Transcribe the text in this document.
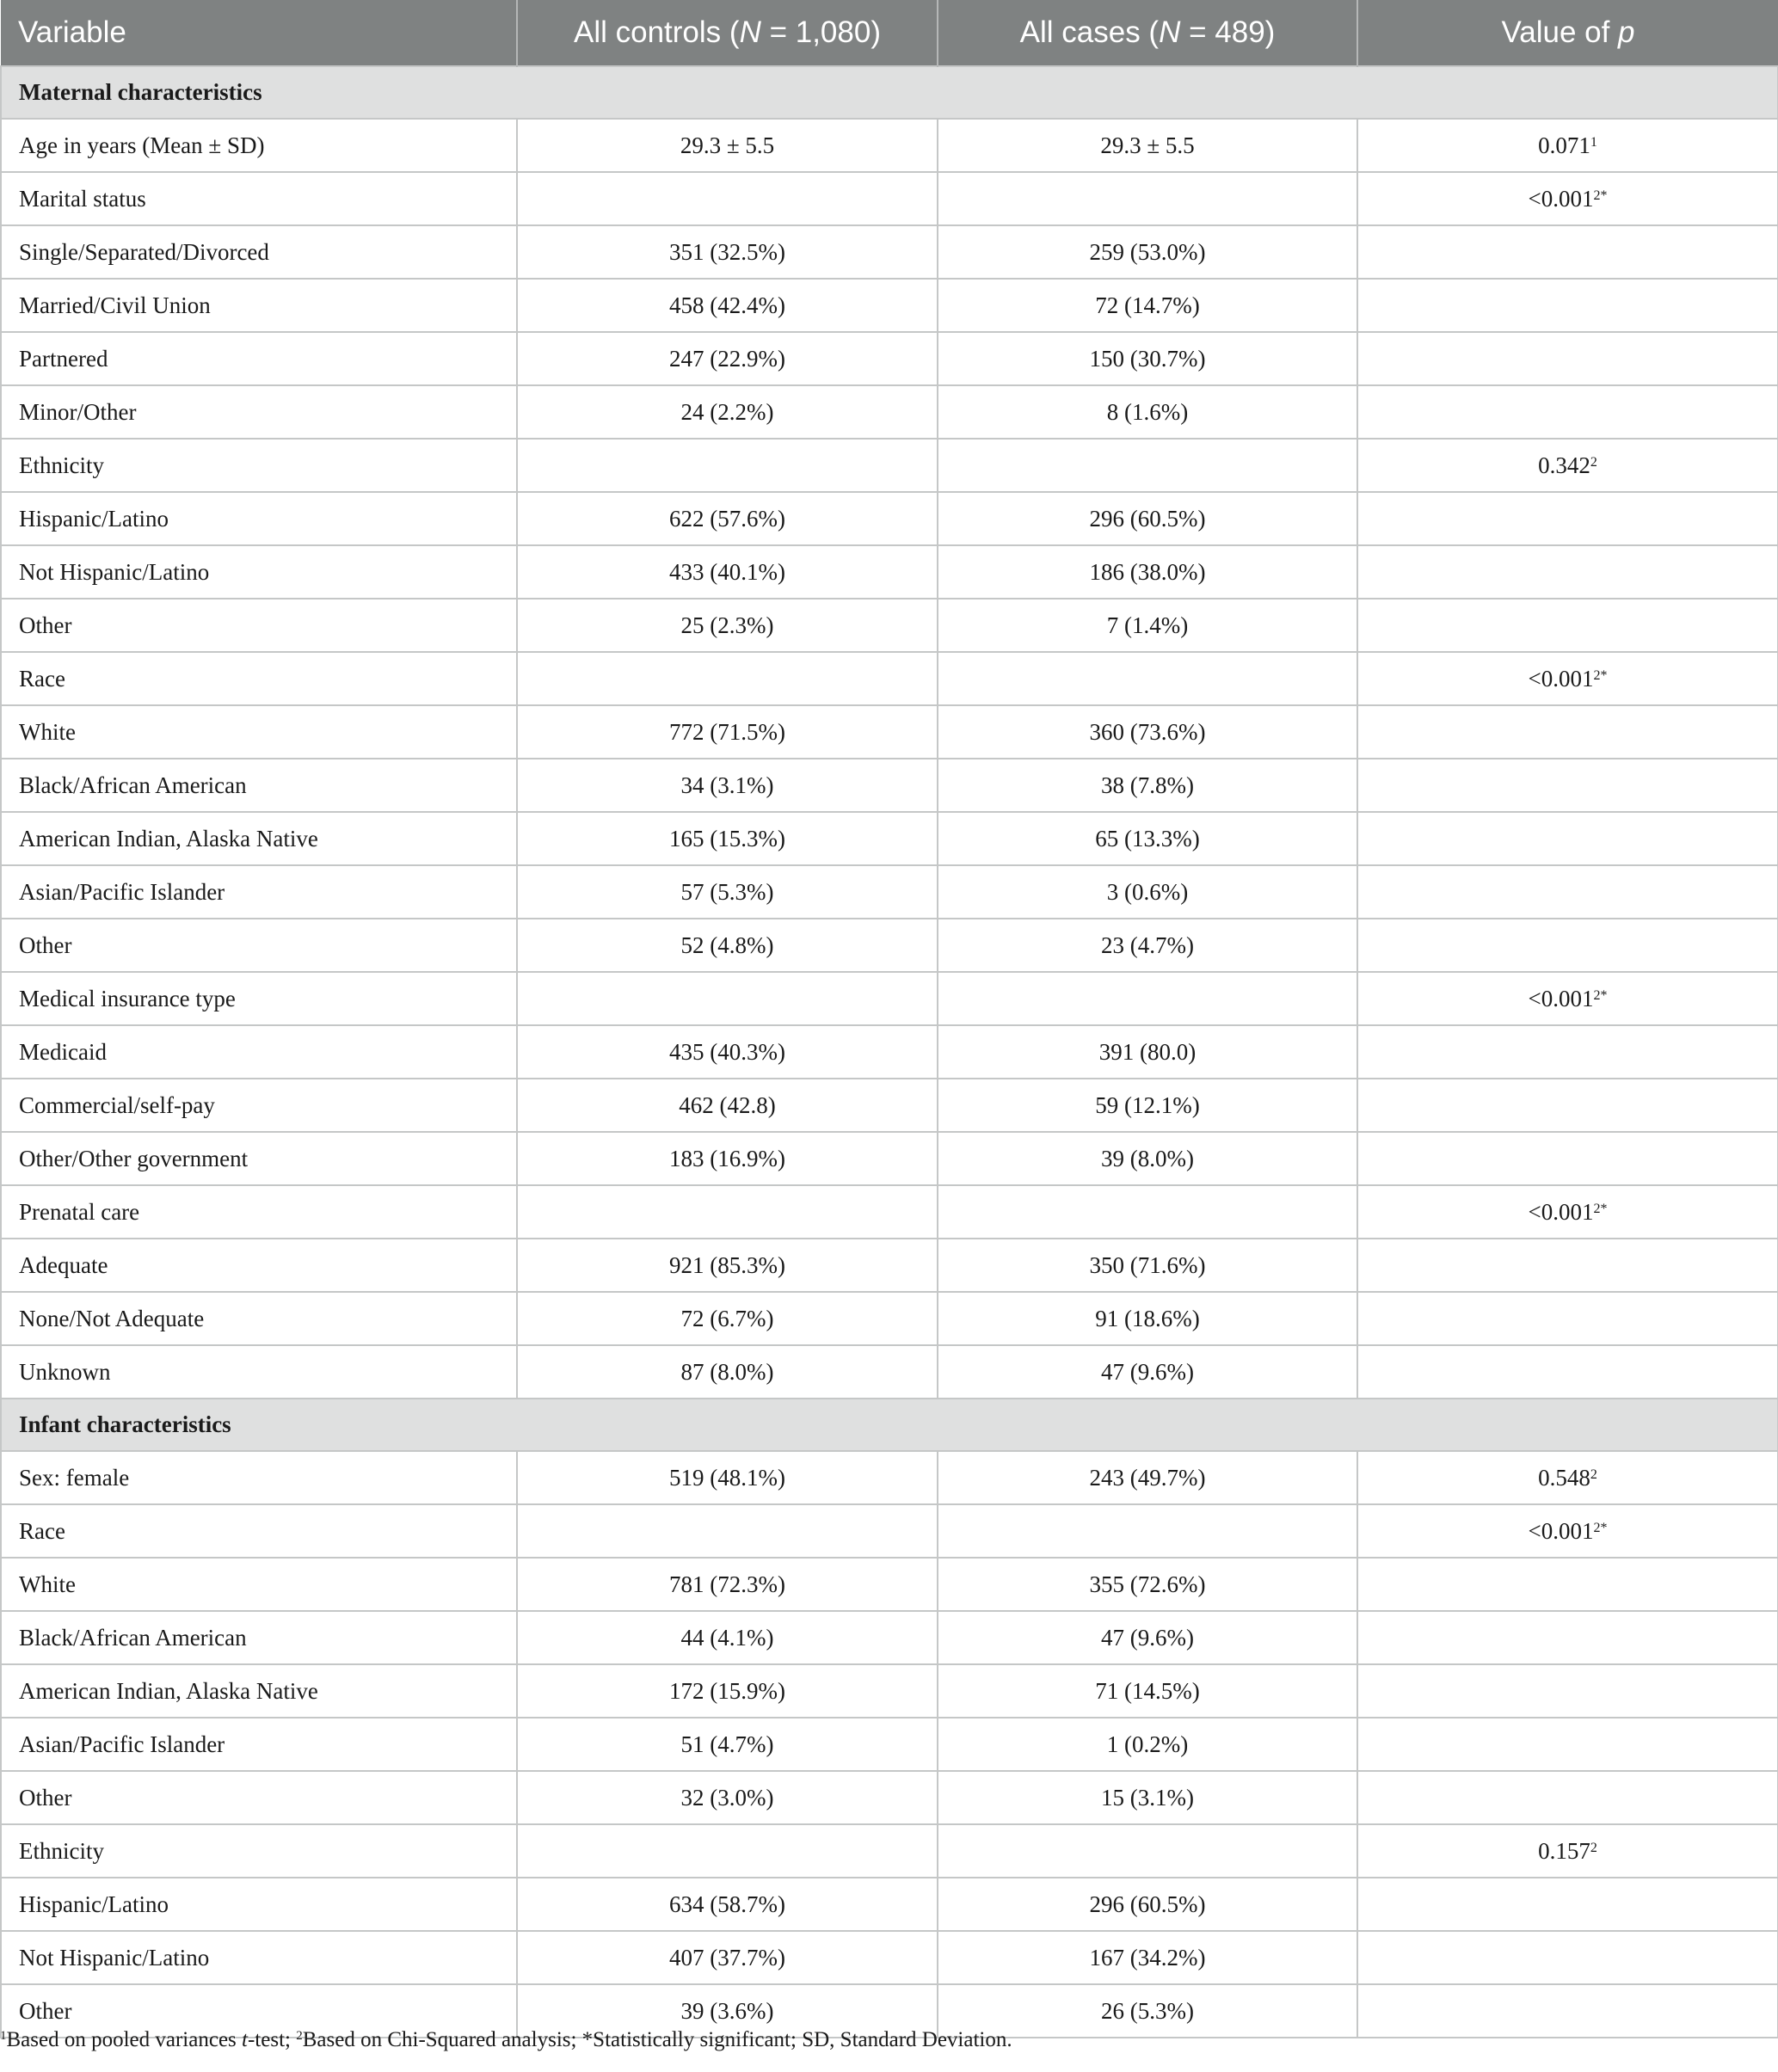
Variable	All controls (N = 1,080)	All cases (N = 489)	Value of p
Maternal characteristics			
Age in years (Mean ± SD)	29.3 ± 5.5	29.3 ± 5.5	0.071$^1$
Marital status			$<0.001^{2*}$
Single/Separated/Divorced	351 (32.5%)	259 (53.0%)	
Married/Civil Union	458 (42.4%)	72 (14.7%)	
Partnered	247 (22.9%)	150 (30.7%)	
Minor/Other	24 (2.2%)	8 (1.6%)	
Ethnicity			0.342$^2$
Hispanic/Latino	622 (57.6%)	296 (60.5%)	
Not Hispanic/Latino	433 (40.1%)	186 (38.0%)	
Other	25 (2.3%)	7 (1.4%)	
Race			$<0.001^{2*}$
White	772 (71.5%)	360 (73.6%)	
Black/African American	34 (3.1%)	38 (7.8%)	
American Indian, Alaska Native	165 (15.3%)	65 (13.3%)	
Asian/Pacific Islander	57 (5.3%)	3 (0.6%)	
Other	52 (4.8%)	23 (4.7%)	
Medical insurance type			$<0.001^{2*}$
Medicaid	435 (40.3%)	391 (80.0)	
Commercial/self-pay	462 (42.8)	59 (12.1%)	
Other/Other government	183 (16.9%)	39 (8.0%)	
Prenatal care			$<0.001^{2*}$
Adequate	921 (85.3%)	350 (71.6%)	
None/Not Adequate	72 (6.7%)	91 (18.6%)	
Unknown	87 (8.0%)	47 (9.6%)	
Infant characteristics			
Sex: female	519 (48.1%)	243 (49.7%)	0.548$^2$
Race			$<0.001^{2*}$
White	781 (72.3%)	355 (72.6%)	
Black/African American	44 (4.1%)	47 (9.6%)	
American Indian, Alaska Native	172 (15.9%)	71 (14.5%)	
Asian/Pacific Islander	51 (4.7%)	1 (0.2%)	
Other	32 (3.0%)	15 (3.1%)	
Ethnicity			0.157$^2$
Hispanic/Latino	634 (58.7%)	296 (60.5%)	
Not Hispanic/Latino	407 (37.7%)	167 (34.2%)	
Other	39 (3.6%)	26 (5.3%)	
$^1$Based on pooled variances t-test; $^2$Based on Chi-Squared analysis; *Statistically significant; SD, Standard Deviation.
